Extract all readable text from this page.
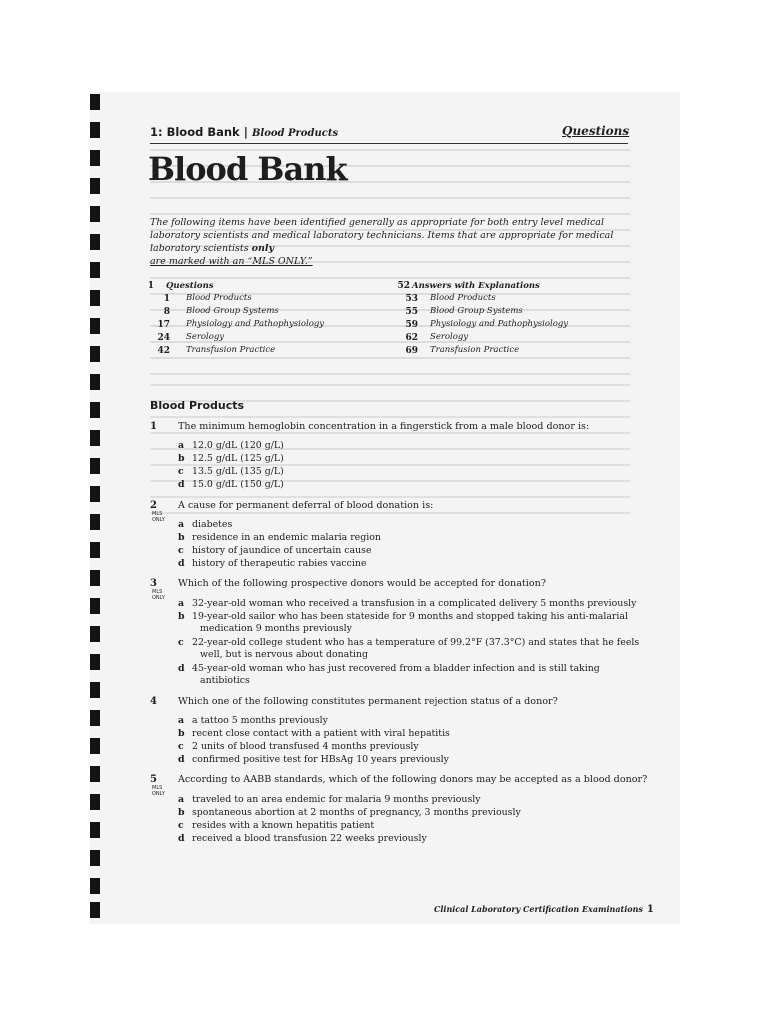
1: Blood Bank | Blood Products	Questions
Blood Bank
The following items have been identified generally as appropriate for both entry level medical laboratory scientists and medical laboratory technicians. Items that are appropriate for medical laboratory scientists only
are marked with an “MLS ONLY.”
1 Questions
1 Blood Products
8 Blood Group Systems
17 Physiology and Pathophysiology
24 Serology
42 Transfusion Practice
52 Answers with Explanations
53 Blood Products
55 Blood Group Systems
59 Physiology and Pathophysiology
62 Serology
69 Transfusion Practice
Blood Products
1 The minimum hemoglobin concentration in a fingerstick from a male blood donor is:
a 12.0 g/dL (120 g/L)
b 12.5 g/dL (125 g/L)
c 13.5 g/dL (135 g/L)
d 15.0 g/dL (150 g/L)
2
MLS
ONLY
A cause for permanent deferral of blood donation is:
a diabetes
b residence in an endemic malaria region
c history of jaundice of uncertain cause
d history of therapeutic rabies vaccine
3
MLS
ONLY
Which of the following prospective donors would be accepted for donation?
a 32-year-old woman who received a transfusion in a complicated delivery 5 months previously
b 19-year-old sailor who has been stateside for 9 months and stopped taking his anti-malarial
medication 9 months previously
c 22-year-old college student who has a temperature of 99.2°F (37.3°C) and states that he feels
well, but is nervous about donating
d 45-year-old woman who has just recovered from a bladder infection and is still taking
antibiotics
4 Which one of the following constitutes permanent rejection status of a donor?
a a tattoo 5 months previously
b recent close contact with a patient with viral hepatitis
c 2 units of blood transfused 4 months previously
d confirmed positive test for HBsAg 10 years previously
5
MLS
ONLY
According to AABB standards, which of the following donors may be accepted as a blood donor?
a traveled to an area endemic for malaria 9 months previously
b spontaneous abortion at 2 months of pregnancy, 3 months previously
c resides with a known hepatitis patient
d received a blood transfusion 22 weeks previously
Clinical Laboratory Certification Examinations 1
